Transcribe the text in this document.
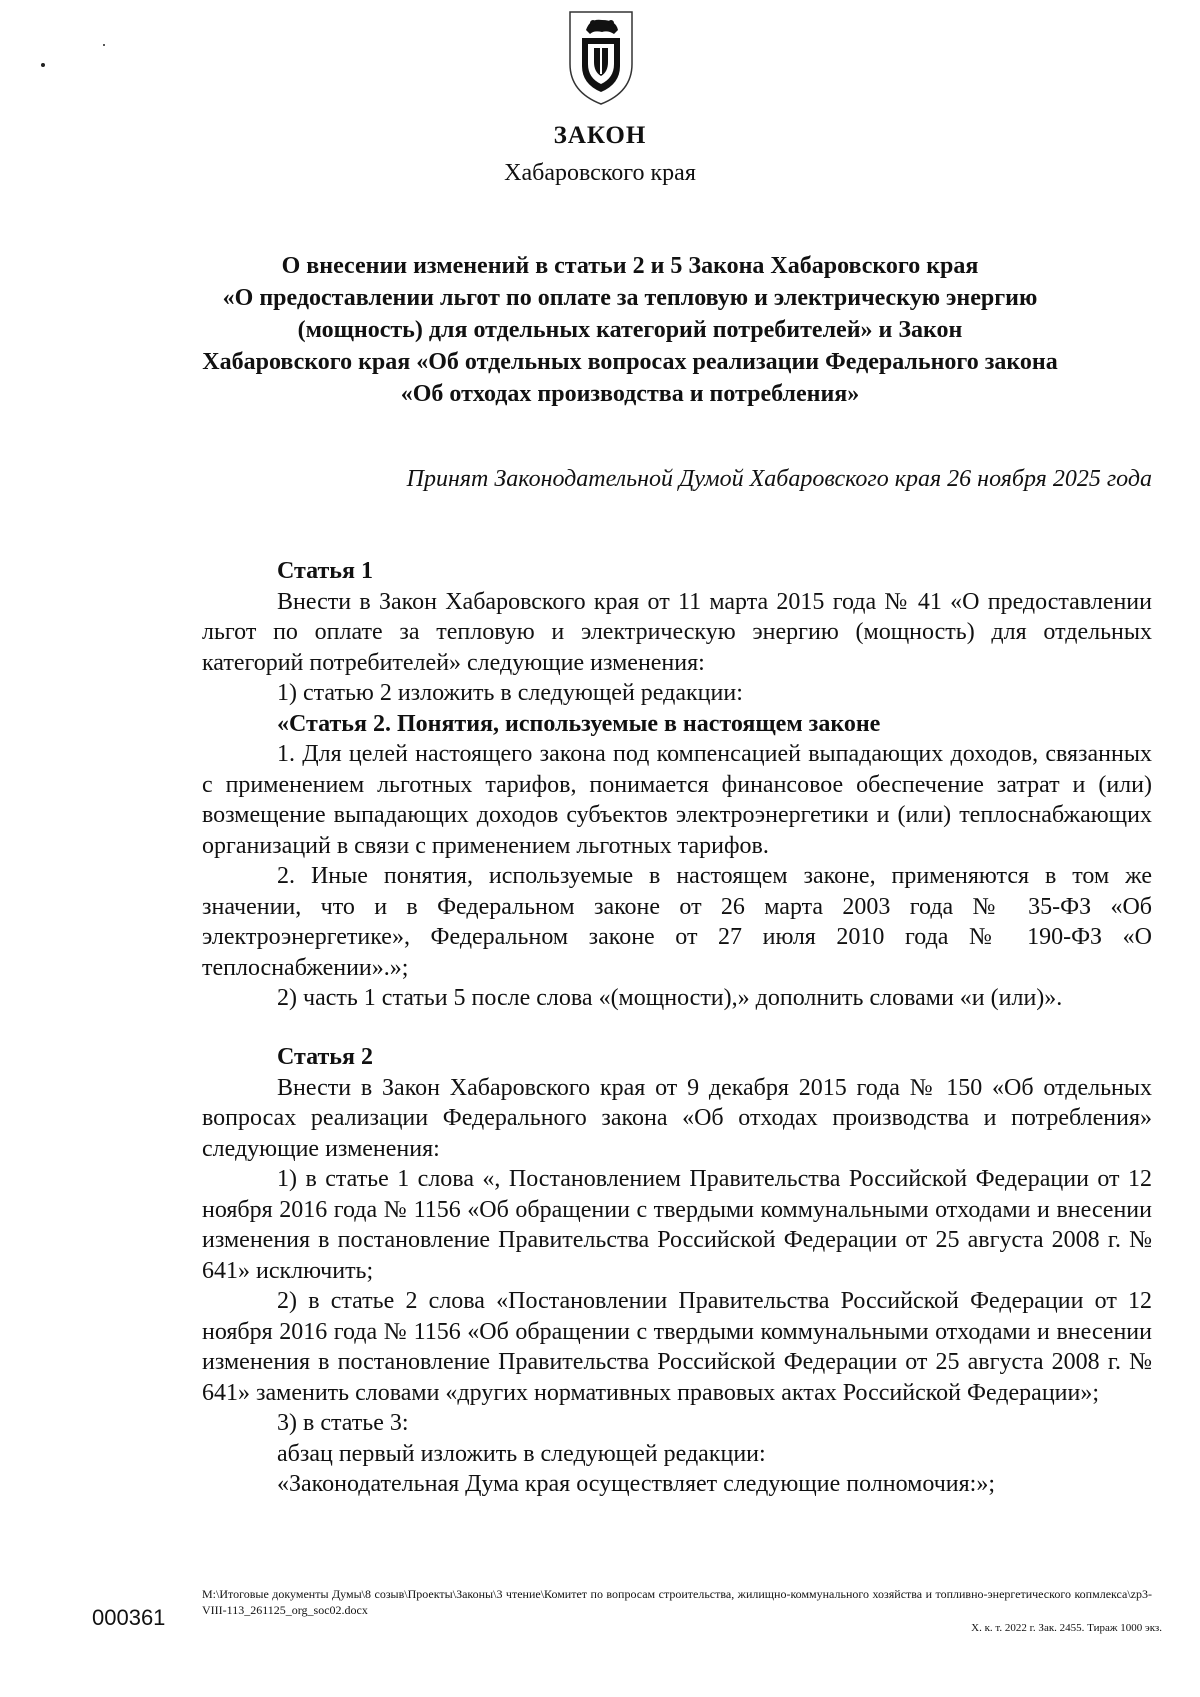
ЗАКОН
Хабаровского края
О внесении изменений в статьи 2 и 5 Закона Хабаровского края
«О предоставлении льгот по оплате за тепловую и электрическую энергию
(мощность) для отдельных категорий потребителей» и Закон
Хабаровского края «Об отдельных вопросах реализации Федерального закона
«Об отходах производства и потребления»
Принят Законодательной Думой Хабаровского края 26 ноября 2025 года

Статья 1

Внести в Закон Хабаровского края от 11 марта 2015 года № 41 «О предоставлении льгот по оплате за тепловую и электрическую энергию (мощность) для отдельных категорий потребителей» следующие изменения:

1) статью 2 изложить в следующей редакции:

«Статья 2. Понятия, используемые в настоящем законе

1. Для целей настоящего закона под компенсацией выпадающих доходов, связанных с применением льготных тарифов, понимается финансовое обеспечение затрат и (или) возмещение выпадающих доходов субъектов электроэнергетики и (или) теплоснабжающих организаций в связи с применением льготных тарифов.

2. Иные понятия, используемые в настоящем законе, применяются в том же значении, что и в Федеральном законе от 26 марта 2003 года № 35-ФЗ «Об электроэнергетике», Федеральном законе от 27 июля 2010 года № 190-ФЗ «О теплоснабжении».»;

2) часть 1 статьи 5 после слова «(мощности),» дополнить словами «и (или)».

Статья 2

Внести в Закон Хабаровского края от 9 декабря 2015 года № 150 «Об отдельных вопросах реализации Федерального закона «Об отходах производства и потребления» следующие изменения:

1) в статье 1 слова «, Постановлением Правительства Российской Федерации от 12 ноября 2016 года № 1156 «Об обращении с твердыми коммунальными отходами и внесении изменения в постановление Правительства Российской Федерации от 25 августа 2008 г. № 641» исключить;

2) в статье 2 слова «Постановлении Правительства Российской Федерации от 12 ноября 2016 года № 1156 «Об обращении с твердыми коммунальными отходами и внесении изменения в постановление Правительства Российской Федерации от 25 августа 2008 г. № 641» заменить словами «других нормативных правовых актах Российской Федерации»;

3) в статье 3:

абзац первый изложить в следующей редакции:

«Законодательная Дума края осуществляет следующие полномочия:»;

000361
М:\Итоговые документы Думы\8 созыв\Проекты\Законы\3 чтение\Комитет по вопросам строительства, жилищно-коммунального хозяйства и топливно-энергетического копмлекса\zp3-VIII-113_261125_org_soc02.docx
Х. к. т. 2022 г. Зак. 2455. Тираж 1000 экз.
